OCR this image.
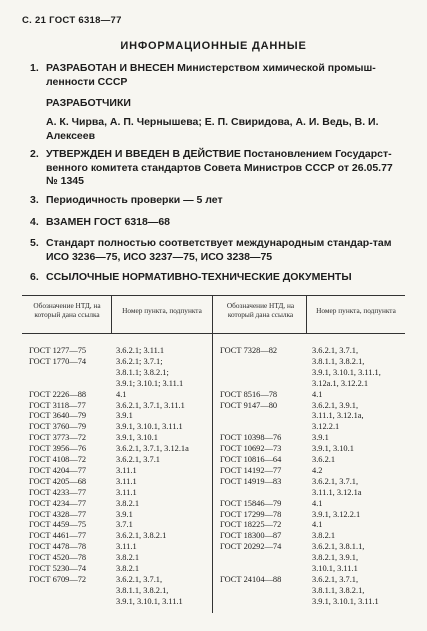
С. 21 ГОСТ 6318—77
ИНФОРМАЦИОННЫЕ ДАННЫЕ
1. РАЗРАБОТАН И ВНЕСЕН Министерством химической промыш-ленности СССР
РАЗРАБОТЧИКИ
А. К. Чирва, А. П. Чернышева; Е. П. Свиридова, А. И. Ведь, В. И. Алексеев
2. УТВЕРЖДЕН И ВВЕДЕН В ДЕЙСТВИЕ Постановлением Государст-венного комитета стандартов Совета Министров СССР от 26.05.77 № 1345
3. Периодичность проверки — 5 лет
4. ВЗАМЕН ГОСТ 6318—68
5. Стандарт полностью соответствует международным стандар-там ИСО 3236—75, ИСО 3237—75, ИСО 3238—75
6. ССЫЛОЧНЫЕ НОРМАТИВНО-ТЕХНИЧЕСКИЕ ДОКУМЕНТЫ
Обозначение НТД, на который дана ссылка	Номер пункта, подпункта
Обозначение НТД, на который дана ссылка	Номер пункта, подпункта
ГОСТ 1277—75	3.6.2.1; 3.11.1
ГОСТ 1770—74	3.6.2.1; 3.7.1;
3.8.1.1; 3.8.2.1;
3.9.1; 3.10.1; 3.11.1
ГОСТ 2226—88	4.1
ГОСТ 3118—77	3.6.2.1, 3.7.1, 3.11.1
ГОСТ 3640—79	3.9.1
ГОСТ 3760—79	3.9.1, 3.10.1, 3.11.1
ГОСТ 3773—72	3.9.1, 3.10.1
ГОСТ 3956—76	3.6.2.1, 3.7.1, 3.12.1а
ГОСТ 4108—72	3.6.2.1, 3.7.1
ГОСТ 4204—77	3.11.1
ГОСТ 4205—68	3.11.1
ГОСТ 4233—77	3.11.1
ГОСТ 4234—77	3.8.2.1
ГОСТ 4328—77	3.9.1
ГОСТ 4459—75	3.7.1
ГОСТ 4461—77	3.6.2.1, 3.8.2.1
ГОСТ 4478—78	3.11.1
ГОСТ 4520—78	3.8.2.1
ГОСТ 5230—74	3.8.2.1
ГОСТ 6709—72	3.6.2.1, 3.7.1,
3.8.1.1, 3.8.2.1,
3.9.1, 3.10.1, 3.11.1
ГОСТ 7328—82	3.6.2.1, 3.7.1,
3.8.1.1, 3.8.2.1,
3.9.1, 3.10.1, 3.11.1,
3.12а.1, 3.12.2.1
ГОСТ 8516—78	4.1
ГОСТ 9147—80	3.6.2.1, 3.9.1,
3.11.1, 3.12.1а,
3.12.2.1
ГОСТ 10398—76	3.9.1
ГОСТ 10692—73	3.9.1, 3.10.1
ГОСТ 10816—64	3.6.2.1
ГОСТ 14192—77	4.2
ГОСТ 14919—83	3.6.2.1, 3.7.1,
3.11.1, 3.12.1а
ГОСТ 15846—79	4.1
ГОСТ 17299—78	3.9.1, 3.12.2.1
ГОСТ 18225—72	4.1
ГОСТ 18300—87	3.8.2.1
ГОСТ 20292—74	3.6.2.1, 3.8.1.1,
3.8.2.1, 3.9.1,
3.10.1, 3.11.1
ГОСТ 24104—88	3.6.2.1, 3.7.1,
3.8.1.1, 3.8.2.1,
3.9.1, 3.10.1, 3.11.1
